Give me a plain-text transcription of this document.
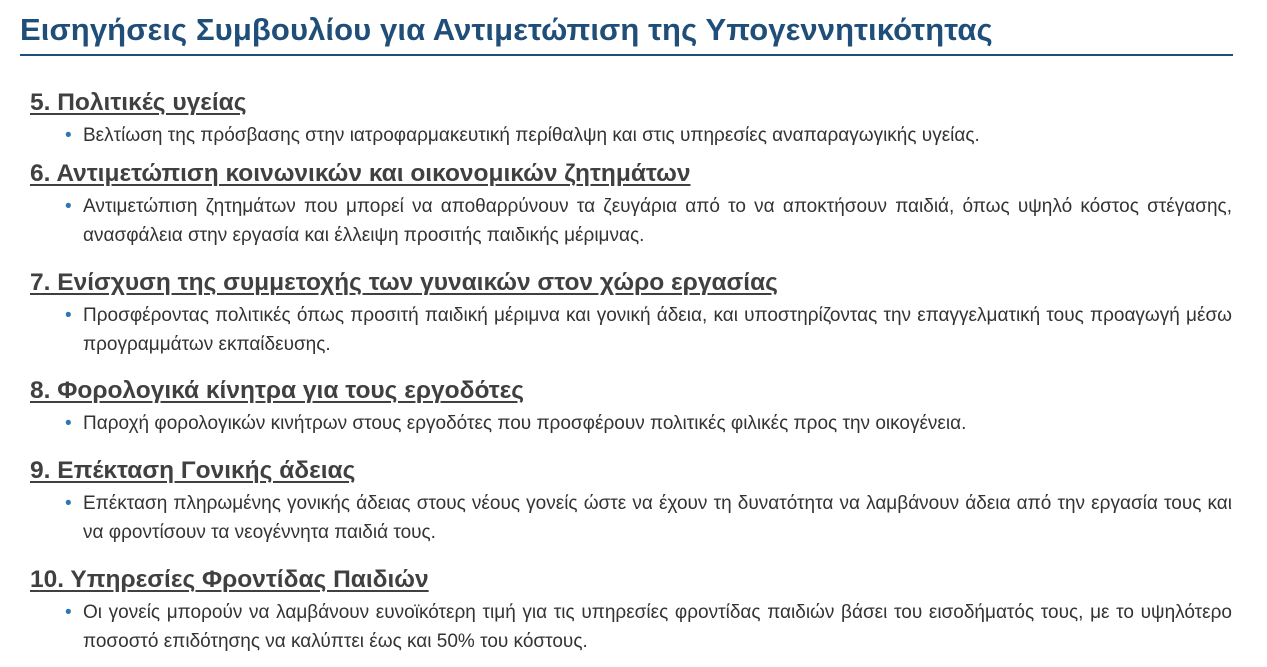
Εισηγήσεις Συμβουλίου για Αντιμετώπιση της Υπογεννητικότητας
5. Πολιτικές υγείας
• Βελτίωση της πρόσβασης στην ιατροφαρμακευτική περίθαλψη και στις υπηρεσίες αναπαραγωγικής υγείας.
6. Αντιμετώπιση κοινωνικών και οικονομικών ζητημάτων
• Αντιμετώπιση ζητημάτων που μπορεί να αποθαρρύνουν τα ζευγάρια από το να αποκτήσουν παιδιά, όπως υψηλό κόστος στέγασης, ανασφάλεια στην εργασία και έλλειψη προσιτής παιδικής μέριμνας.
7. Ενίσχυση της συμμετοχής των γυναικών στον χώρο εργασίας
• Προσφέροντας πολιτικές όπως προσιτή παιδική μέριμνα και γονική άδεια, και υποστηρίζοντας την επαγγελματική τους προαγωγή μέσω προγραμμάτων εκπαίδευσης.
8. Φορολογικά κίνητρα για τους εργοδότες
• Παροχή φορολογικών κινήτρων στους εργοδότες που προσφέρουν πολιτικές φιλικές προς την οικογένεια.
9. Επέκταση Γονικής άδειας
• Επέκταση πληρωμένης γονικής άδειας στους νέους γονείς ώστε να έχουν τη δυνατότητα να λαμβάνουν άδεια από την εργασία τους και να φροντίσουν τα νεογέννητα παιδιά τους.
10. Υπηρεσίες Φροντίδας Παιδιών
• Οι γονείς μπορούν να λαμβάνουν ευνοϊκότερη τιμή για τις υπηρεσίες φροντίδας παιδιών βάσει του εισοδήματός τους, με το υψηλότερο ποσοστό επιδότησης να καλύπτει έως και 50% του κόστους.
